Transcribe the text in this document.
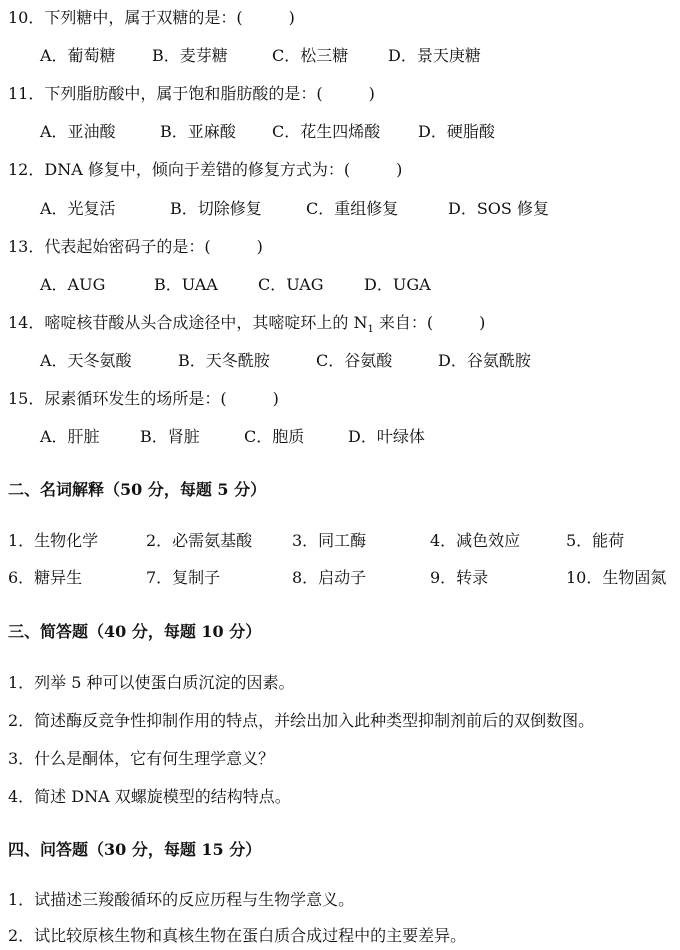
10．下列糖中，属于双糖的是：(	)
A．葡萄糖 B．麦芽糖	C．松三糖 D．景天庚糖
11．下列脂肪酸中，属于饱和脂肪酸的是：(	)
A．亚油酸	B．亚麻酸 C．花生四烯酸 D．硬脂酸
12．DNA 修复中，倾向于差错的修复方式为：(	)
A．光复活	B．切除修复	C．重组修复	D．SOS 修复
13．代表起始密码子的是：(	)
A．AUG	B．UAA	C．UAG	D．UGA
14．嘧啶核苷酸从头合成途径中，其嘧啶环上的 $N_1$ 来自：(	)
A．天冬氨酸	B．天冬酰胺	C．谷氨酸	D．谷氨酰胺
15．尿素循环发生的场所是：(	)
A．肝脏	B．肾脏	C．胞质	D．叶绿体
二、名词解释（50 分，每题 5 分）
1．生物化学	2．必需氨基酸 3．同工酶	4．减色效应	5．能荷
6．糖异生	7．复制子	8．启动子	9．转录	10．生物固氮
三、简答题（40 分，每题 10 分）
1．列举 5 种可以使蛋白质沉淀的因素。
2．简述酶反竞争性抑制作用的特点，并绘出加入此种类型抑制剂前后的双倒数图。
3．什么是酮体，它有何生理学意义？
4．简述 DNA 双螺旋模型的结构特点。
四、问答题（30 分，每题 15 分）
1．试描述三羧酸循环的反应历程与生物学意义。
2．试比较原核生物和真核生物在蛋白质合成过程中的主要差异。
